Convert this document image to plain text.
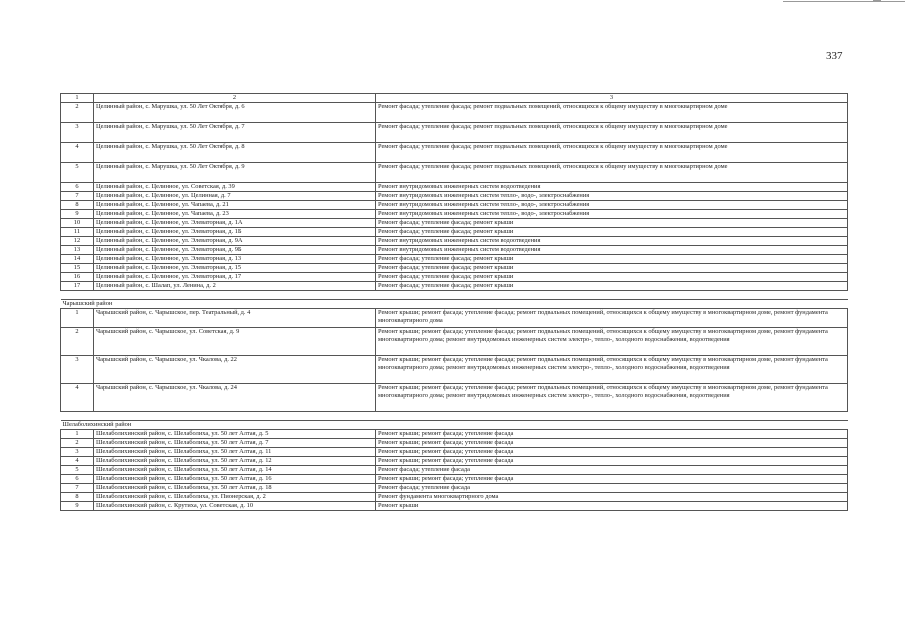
337
1	2	3
2	Целинный район, с. Марушка, ул. 50 Лет Октября, д. 6	Ремонт фасада; утепление фасада; ремонт подвальных помещений, относящихся к общему имуществу в многоквартирном доме
3	Целинный район, с. Марушка, ул. 50 Лет Октября, д. 7	Ремонт фасада; утепление фасада; ремонт подвальных помещений, относящихся к общему имуществу в многоквартирном доме
4	Целинный район, с. Марушка, ул. 50 Лет Октября, д. 8	Ремонт фасада; утепление фасада; ремонт подвальных помещений, относящихся к общему имуществу в многоквартирном доме
5	Целинный район, с. Марушка, ул. 50 Лет Октября, д. 9	Ремонт фасада; утепление фасада; ремонт подвальных помещений, относящихся к общему имуществу в многоквартирном доме
6	Целинный район, с. Целинное, ул. Советская, д. 39	Ремонт внутридомовых инженерных систем водоотведения
7	Целинный район, с. Целинное, ул. Целинная, д. 7	Ремонт внутридомовых инженерных систем тепло-, водо-, электроснабжения
8	Целинный район, с. Целинное, ул. Чапаева, д. 21	Ремонт внутридомовых инженерных систем тепло-, водо-, электроснабжения
9	Целинный район, с. Целинное, ул. Чапаева, д. 23	Ремонт внутридомовых инженерных систем тепло-, водо-, электроснабжения
10	Целинный район, с. Целинное, ул. Элеваторная, д. 1А	Ремонт фасада; утепление фасада; ремонт крыши
11	Целинный район, с. Целинное, ул. Элеваторная, д. 1Б	Ремонт фасада; утепление фасада; ремонт крыши
12	Целинный район, с. Целинное, ул. Элеваторная, д. 9А	Ремонт внутридомовых инженерных систем водоотведения
13	Целинный район, с. Целинное, ул. Элеваторная, д. 9Б	Ремонт внутридомовых инженерных систем водоотведения
14	Целинный район, с. Целинное, ул. Элеваторная, д. 13	Ремонт фасада; утепление фасада; ремонт крыши
15	Целинный район, с. Целинное, ул. Элеваторная, д. 15	Ремонт фасада; утепление фасада; ремонт крыши
16	Целинный район, с. Целинное, ул. Элеваторная, д. 17	Ремонт фасада; утепление фасада; ремонт крыши
17	Целинный район, с. Шалап, ул. Ленина, д. 2	Ремонт фасада; утепление фасада; ремонт крыши

Чарышский район		
1	Чарышский район, с. Чарышское, пер. Театральный, д. 4	Ремонт крыши; ремонт фасада; утепление фасада; ремонт подвальных помещений, относящихся к общему имуществу в многоквартирном доме, ремонт фундамента многоквартирного дома
2	Чарышский район, с. Чарышское, ул. Советская, д. 9	Ремонт крыши; ремонт фасада; утепление фасада; ремонт подвальных помещений, относящихся к общему имуществу в многоквартирном доме, ремонт фундамента многоквартирного дома; ремонт внутридомовых инженерных систем электро-, тепло-, холодного водоснабжения, водоотведения
3	Чарышский район, с. Чарышское, ул. Чкалова, д. 22	Ремонт крыши; ремонт фасада; утепление фасада; ремонт подвальных помещений, относящихся к общему имуществу в многоквартирном доме, ремонт фундамента многоквартирного дома; ремонт внутридомовых инженерных систем электро-, тепло-, холодного водоснабжения, водоотведения
4	Чарышский район, с. Чарышское, ул. Чкалова, д. 24	Ремонт крыши; ремонт фасада; утепление фасада; ремонт подвальных помещений, относящихся к общему имуществу в многоквартирном доме, ремонт фундамента многоквартирного дома; ремонт внутридомовых инженерных систем электро-, тепло-, холодного водоснабжения, водоотведения

Шелаболихинский район		
1	Шелаболихинский район, с. Шелаболиха, ул. 50 лет Алтая, д. 5	Ремонт крыши; ремонт фасада; утепление фасада
2	Шелаболихинский район, с. Шелаболиха, ул. 50 лет Алтая, д. 7	Ремонт крыши; ремонт фасада; утепление фасада
3	Шелаболихинский район, с. Шелаболиха, ул. 50 лет Алтая, д. 11	Ремонт крыши; ремонт фасада; утепление фасада
4	Шелаболихинский район, с. Шелаболиха, ул. 50 лет Алтая, д. 12	Ремонт крыши; ремонт фасада; утепление фасада
5	Шелаболихинский район, с. Шелаболиха, ул. 50 лет Алтая, д. 14	Ремонт фасада; утепление фасада
6	Шелаболихинский район, с. Шелаболиха, ул. 50 лет Алтая, д. 16	Ремонт крыши; ремонт фасада; утепление фасада
7	Шелаболихинский район, с. Шелаболиха, ул. 50 лет Алтая, д. 18	Ремонт фасада; утепление фасада
8	Шелаболихинский район, с. Шелаболиха, ул. Пионерская, д. 2	Ремонт фундамента многоквартирного дома
9	Шелаболихинский район, с. Крутиха, ул. Советская, д. 10	Ремонт крыши
